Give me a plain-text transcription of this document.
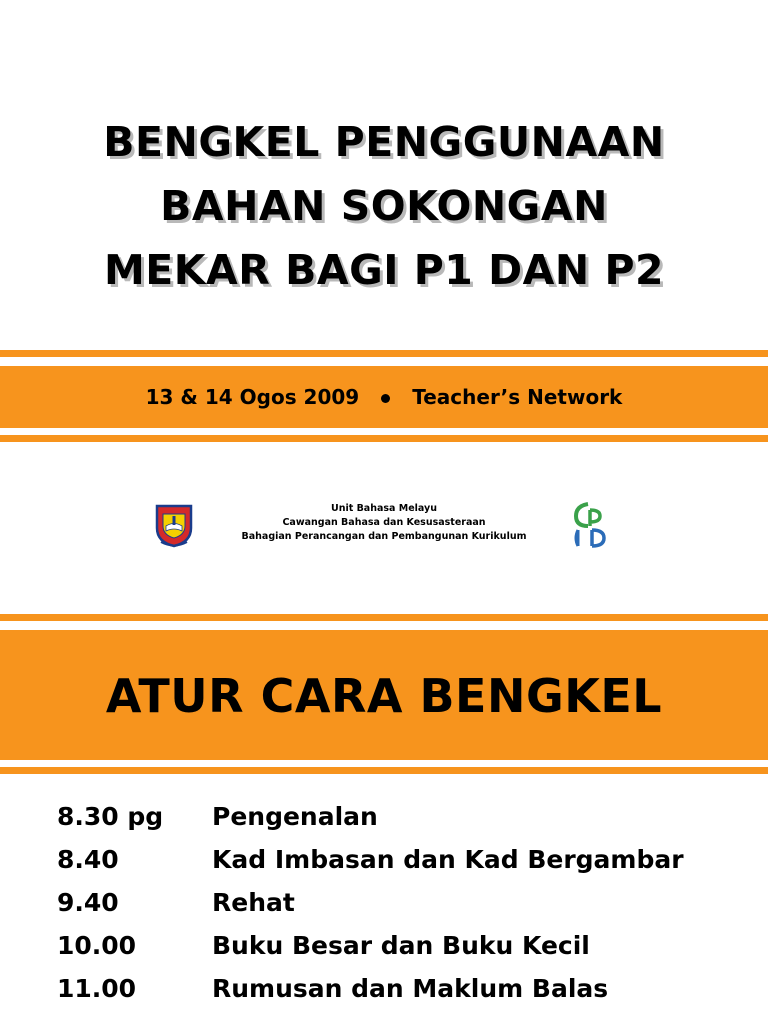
BENGKEL PENGGUNAAN
BAHAN SOKONGAN
MEKAR BAGI P1 DAN P2
13 & 14 Ogos 2009	Teacher’s Network
Unit Bahasa Melayu
Cawangan Bahasa dan Kesusasteraan
Bahagian Perancangan dan Pembangunan Kurikulum
ATUR CARA BENGKEL
8.30 pg	Pengenalan
8.40	Kad Imbasan dan Kad Bergambar
9.40	Rehat
10.00	Buku Besar dan Buku Kecil
11.00	Rumusan dan Maklum Balas
